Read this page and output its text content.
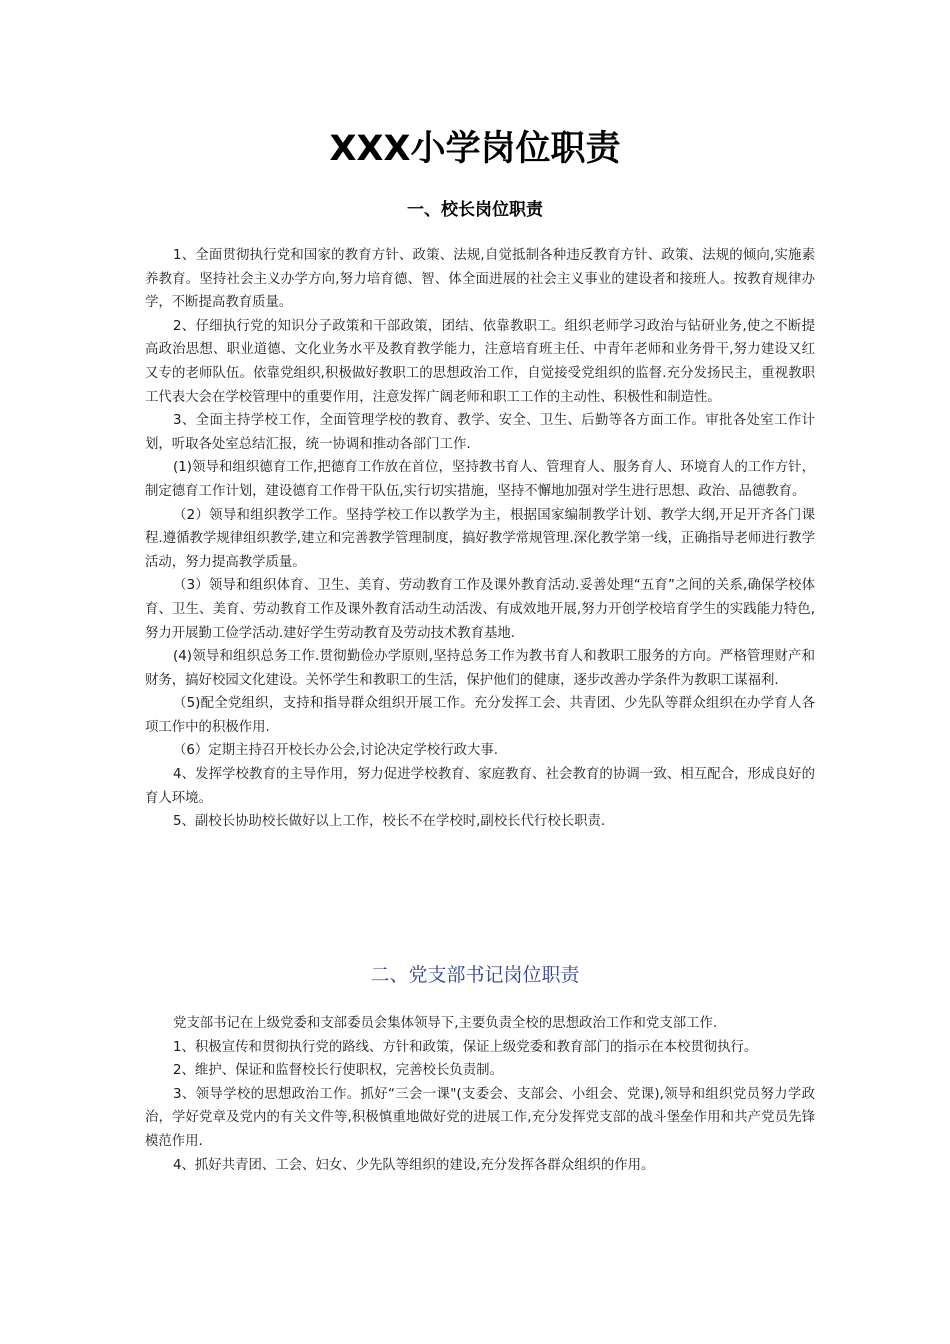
XXX小学岗位职责
一、校长岗位职责

1、全面贯彻执行党和国家的教育方针、政策、法规,自觉抵制各种违反教育方针、政策、法规的倾向,实施素养教育。坚持社会主义办学方向,努力培育德、智、体全面进展的社会主义事业的建设者和接班人。按教育规律办学，不断提高教育质量。

2、仔细执行党的知识分子政策和干部政策，团结、依靠教职工。组织老师学习政治与钻研业务,使之不断提高政治思想、职业道德、文化业务水平及教育教学能力，注意培育班主任、中青年老师和业务骨干,努力建设又红又专的老师队伍。依靠党组织,积极做好教职工的思想政治工作，自觉接受党组织的监督.充分发扬民主，重视教职工代表大会在学校管理中的重要作用，注意发挥广阔老师和职工工作的主动性、积极性和制造性。

3、全面主持学校工作，全面管理学校的教育、教学、安全、卫生、后勤等各方面工作。审批各处室工作计划，听取各处室总结汇报，统一协调和推动各部门工作.

(1)领导和组织德育工作,把德育工作放在首位，坚持教书育人、管理育人、服务育人、环境育人的工作方针，制定德育工作计划，建设德育工作骨干队伍,实行切实措施，坚持不懈地加强对学生进行思想、政治、品德教育。

（2）领导和组织教学工作。坚持学校工作以教学为主，根据国家编制教学计划、教学大纲,开足开齐各门课程.遵循教学规律组织教学,建立和完善教学管理制度，搞好教学常规管理.深化教学第一线，正确指导老师进行教学活动，努力提高教学质量。

（3）领导和组织体育、卫生、美育、劳动教育工作及课外教育活动.妥善处理“五育”之间的关系,确保学校体育、卫生、美育、劳动教育工作及课外教育活动生动活泼、有成效地开展,努力开创学校培育学生的实践能力特色,努力开展勤工俭学活动.建好学生劳动教育及劳动技术教育基地.

(4)领导和组织总务工作.贯彻勤俭办学原则,坚持总务工作为教书育人和教职工服务的方向。严格管理财产和财务，搞好校园文化建设。关怀学生和教职工的生活，保护他们的健康，逐步改善办学条件为教职工谋福利.

（5)配全党组织，支持和指导群众组织开展工作。充分发挥工会、共青团、少先队等群众组织在办学育人各项工作中的积极作用.

（6）定期主持召开校长办公会,讨论决定学校行政大事.

4、发挥学校教育的主导作用，努力促进学校教育、家庭教育、社会教育的协调一致、相互配合，形成良好的育人环境。

5、副校长协助校长做好以上工作，校长不在学校时,副校长代行校长职责.

二、党支部书记岗位职责

党支部书记在上级党委和支部委员会集体领导下,主要负责全校的思想政治工作和党支部工作.

1、积极宣传和贯彻执行党的路线、方针和政策，保证上级党委和教育部门的指示在本校贯彻执行。

2、维护、保证和监督校长行使职权，完善校长负责制。

3、领导学校的思想政治工作。抓好“三会一课"(支委会、支部会、小组会、党课),领导和组织党员努力学政治，学好党章及党内的有关文件等,积极慎重地做好党的进展工作,充分发挥党支部的战斗堡垒作用和共产党员先锋模范作用.

4、抓好共青团、工会、妇女、少先队等组织的建设,充分发挥各群众组织的作用。
